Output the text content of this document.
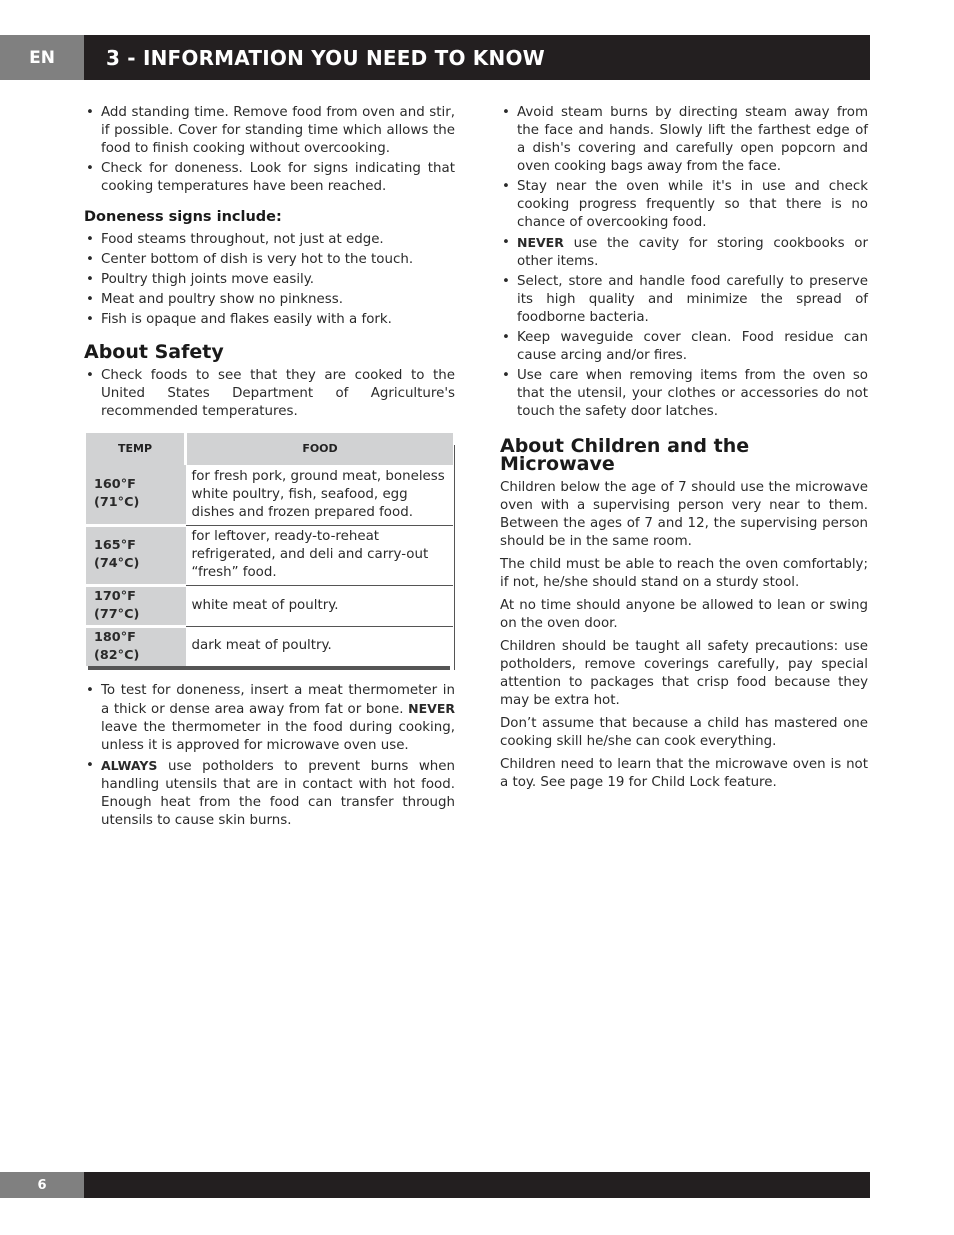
EN	3 - INFORMATION YOU NEED TO KNOW
• Add standing time. Remove food from oven and stir, if possible. Cover for standing time which allows the food to finish cooking without overcooking.
• Check for doneness. Look for signs indicating that cooking temperatures have been reached.
Doneness signs include:
• Food steams throughout, not just at edge.
• Center bottom of dish is very hot to the touch.
• Poultry thigh joints move easily.
• Meat and poultry show no pinkness.
• Fish is opaque and flakes easily with a fork.
About Safety
• Check foods to see that they are cooked to the United States Department of Agriculture's recommended temperatures.
TEMP	FOOD
160°F (71°C)	for fresh pork, ground meat, boneless white poultry, fish, seafood, egg dishes and frozen prepared food.
165°F (74°C)	for leftover, ready-to-reheat refrigerated, and deli and carry-out “fresh” food.
170°F (77°C)	white meat of poultry.
180°F (82°C)	dark meat of poultry.
• To test for doneness, insert a meat thermometer in a thick or dense area away from fat or bone. NEVER leave the thermometer in the food during cooking, unless it is approved for microwave oven use.
• ALWAYS use potholders to prevent burns when handling utensils that are in contact with hot food. Enough heat from the food can transfer through utensils to cause skin burns.
• Avoid steam burns by directing steam away from the face and hands. Slowly lift the farthest edge of a dish's covering and carefully open popcorn and oven cooking bags away from the face.
• Stay near the oven while it's in use and check cooking progress frequently so that there is no chance of overcooking food.
• NEVER use the cavity for storing cookbooks or other items.
• Select, store and handle food carefully to preserve its high quality and minimize the spread of foodborne bacteria.
• Keep waveguide cover clean. Food residue can cause arcing and/or fires.
• Use care when removing items from the oven so that the utensil, your clothes or accessories do not touch the safety door latches.
About Children and the Microwave

Children below the age of 7 should use the microwave oven with a supervising person very near to them. Between the ages of 7 and 12, the supervising person should be in the same room.

The child must be able to reach the oven comfortably; if not, he/she should stand on a sturdy stool.

At no time should anyone be allowed to lean or swing on the oven door.

Children should be taught all safety precautions: use potholders, remove coverings carefully, pay special attention to packages that crisp food because they may be extra hot.

Don’t assume that because a child has mastered one cooking skill he/she can cook everything.

Children need to learn that the microwave oven is not a toy. See page 19 for Child Lock feature.

6
